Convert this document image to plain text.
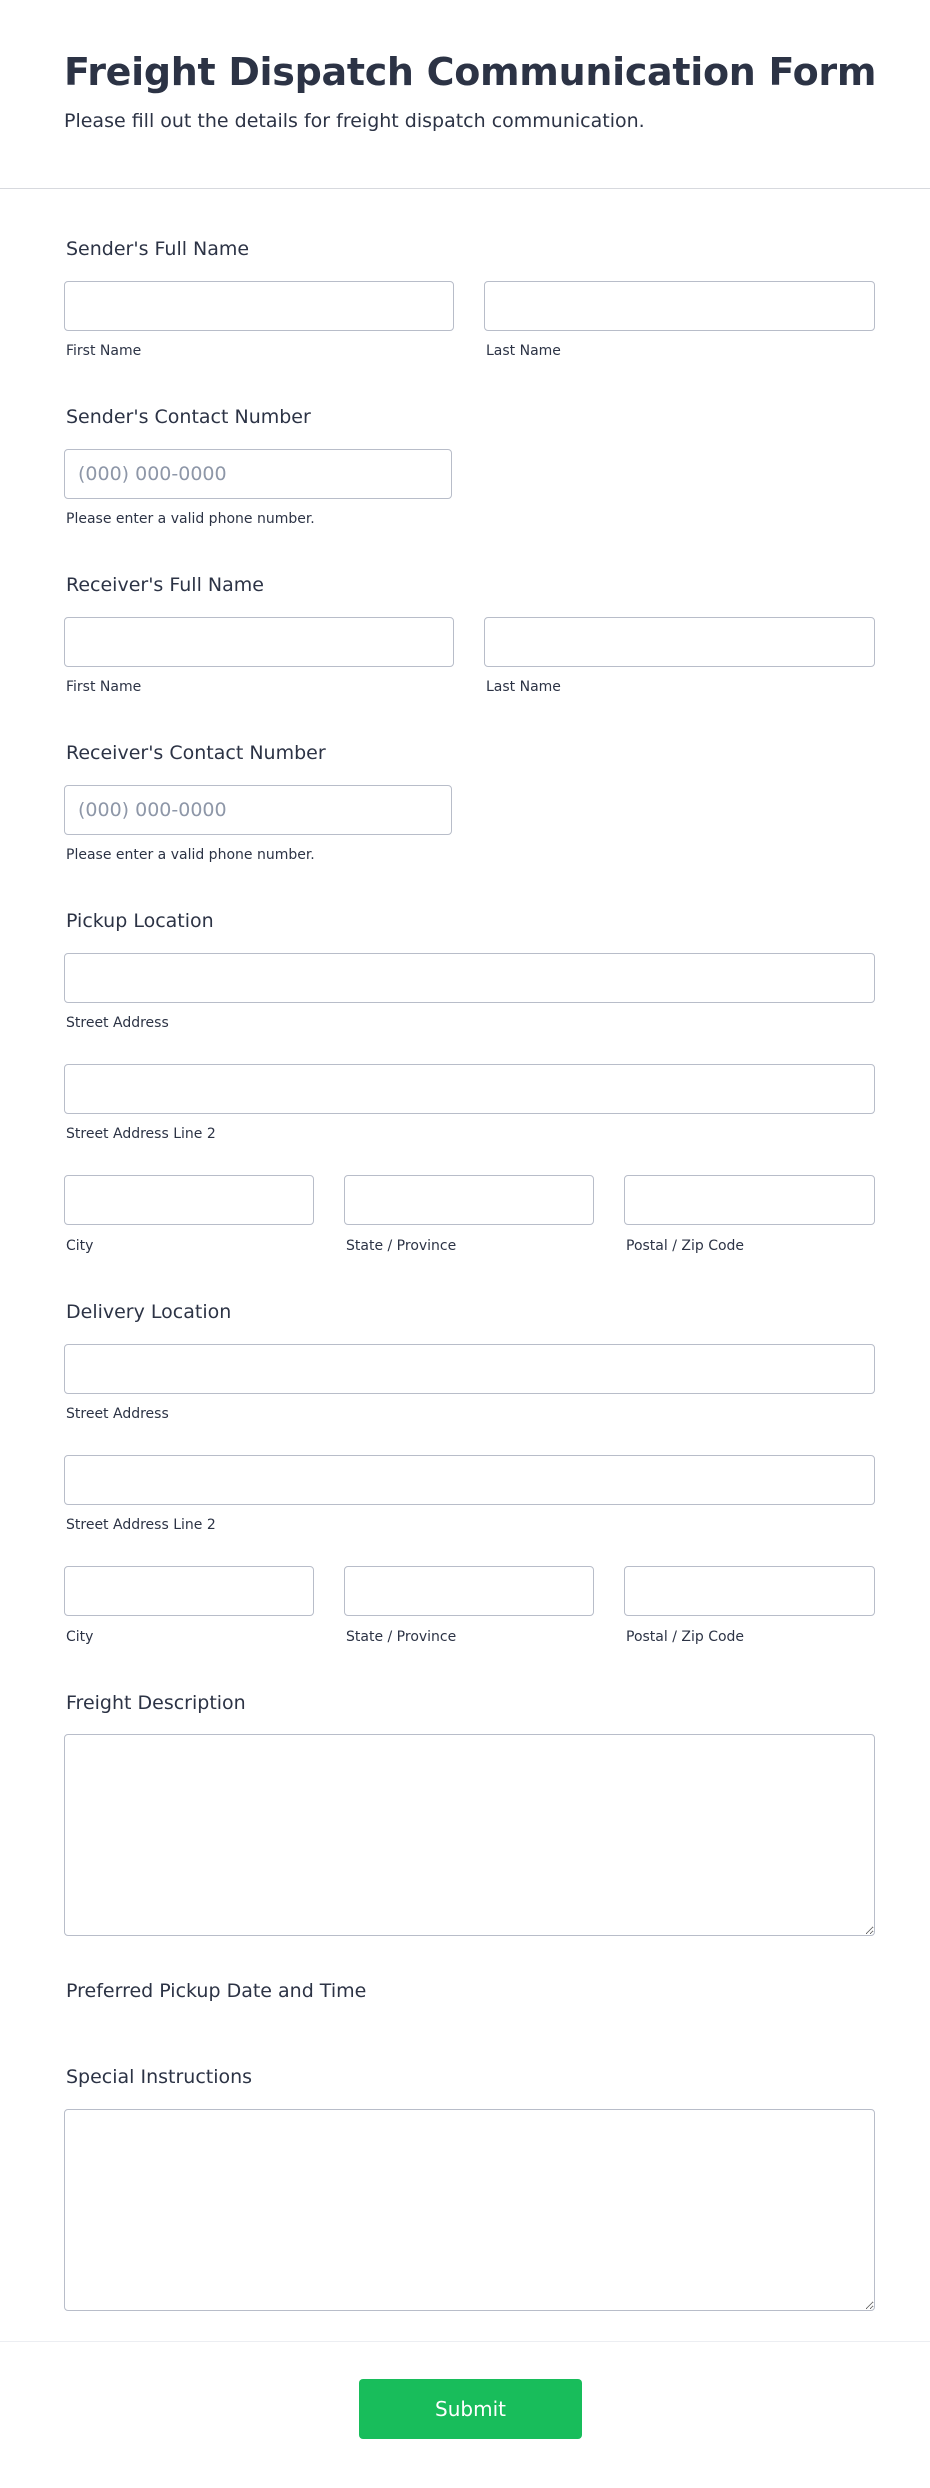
Freight Dispatch Communication Form

Please fill out the details for freight dispatch communication.

Sender's Full Name
First Name	Last Name
Sender's Contact Number
(000) 000-0000
Please enter a valid phone number.
Receiver's Full Name
First Name	Last Name
Receiver's Contact Number
(000) 000-0000
Please enter a valid phone number.
Pickup Location
Street Address
Street Address Line 2
City	State / Province	Postal / Zip Code
Delivery Location
Street Address
Street Address Line 2
City	State / Province	Postal / Zip Code
Freight Description
Preferred Pickup Date and Time
Special Instructions
Submit
